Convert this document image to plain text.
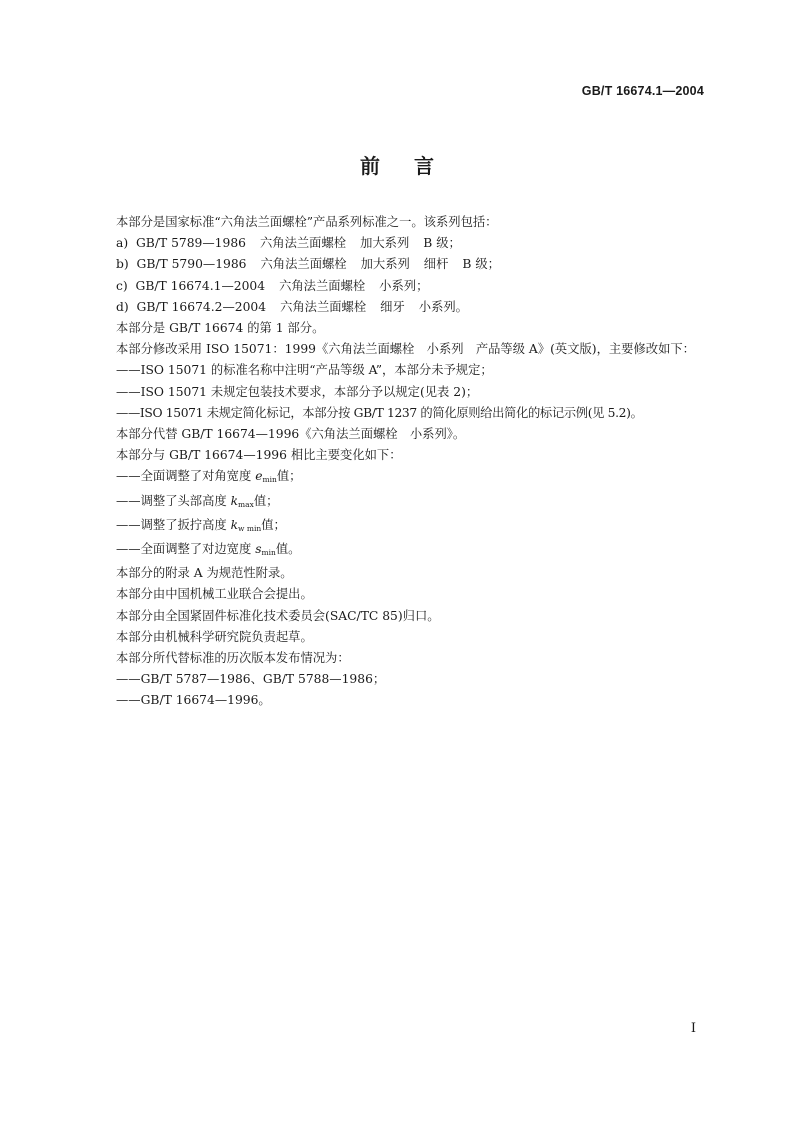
GB/T 16674.1—2004
前言
本部分是国家标准“六角法兰面螺栓”产品系列标准之一。该系列包括：
a) GB/T 5789—1986 六角法兰面螺栓 加大系列 B 级；
b) GB/T 5790—1986 六角法兰面螺栓 加大系列 细杆 B 级；
c) GB/T 16674.1—2004 六角法兰面螺栓 小系列；
d) GB/T 16674.2—2004 六角法兰面螺栓 细牙 小系列。
本部分是 GB/T 16674 的第 1 部分。
本部分修改采用 ISO 15071：1999《六角法兰面螺栓　小系列　产品等级 A》(英文版)，主要修改如下：
——ISO 15071 的标准名称中注明“产品等级 A”，本部分未予规定；
——ISO 15071 未规定包装技术要求，本部分予以规定(见表 2)；
——ISO 15071 未规定简化标记，本部分按 GB/T 1237 的简化原则给出简化的标记示例(见 5.2)。
本部分代替 GB/T 16674—1996《六角法兰面螺栓　小系列》。
本部分与 GB/T 16674—1996 相比主要变化如下：
——全面调整了对角宽度 $e_{min}$值；
——调整了头部高度 $k_{max}$值；
——调整了扳拧高度 $k_{w min}$值；
——全面调整了对边宽度 $s_{min}$值。
本部分的附录 A 为规范性附录。
本部分由中国机械工业联合会提出。
本部分由全国紧固件标准化技术委员会(SAC/TC 85)归口。
本部分由机械科学研究院负责起草。
本部分所代替标准的历次版本发布情况为：
——GB/T 5787—1986、GB/T 5788—1986；
——GB/T 16674—1996。
I
